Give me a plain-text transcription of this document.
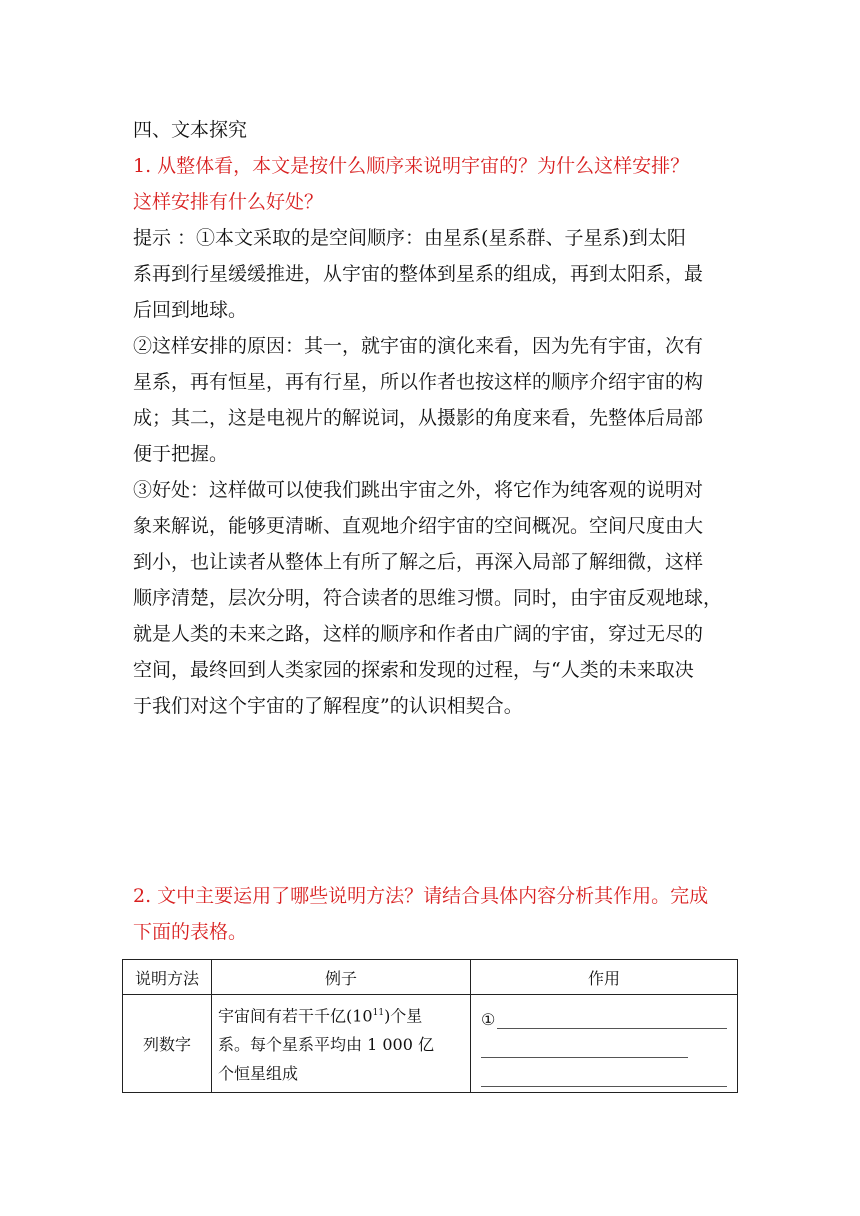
四、文本探究

1. 从整体看，本文是按什么顺序来说明宇宙的？为什么这样安排？
这样安排有什么好处？

提示 ：①本文采取的是空间顺序：由星系(星系群、子星系)到太阳
系再到行星缓缓推进，从宇宙的整体到星系的组成，再到太阳系，最
后回到地球。
②这样安排的原因：其一，就宇宙的演化来看，因为先有宇宙，次有
星系，再有恒星，再有行星，所以作者也按这样的顺序介绍宇宙的构
成；其二，这是电视片的解说词，从摄影的角度来看，先整体后局部
便于把握。
③好处：这样做可以使我们跳出宇宙之外，将它作为纯客观的说明对
象来解说，能够更清晰、直观地介绍宇宙的空间概况。空间尺度由大
到小，也让读者从整体上有所了解之后，再深入局部了解细微，这样
顺序清楚，层次分明，符合读者的思维习惯。同时，由宇宙反观地球，
就是人类的未来之路，这样的顺序和作者由广阔的宇宙，穿过无尽的
空间，最终回到人类家园的探索和发现的过程，与“人类的未来取决
于我们对这个宇宙的了解程度”的认识相契合。

2. 文中主要运用了哪些说明方法？请结合具体内容分析其作用。完成
下面的表格。

说明方法	例子	作用
列数字	宇宙间有若干千亿$(10^{11})$个星
系。每个星系平均由 1 000 亿
个恒星组成	①
